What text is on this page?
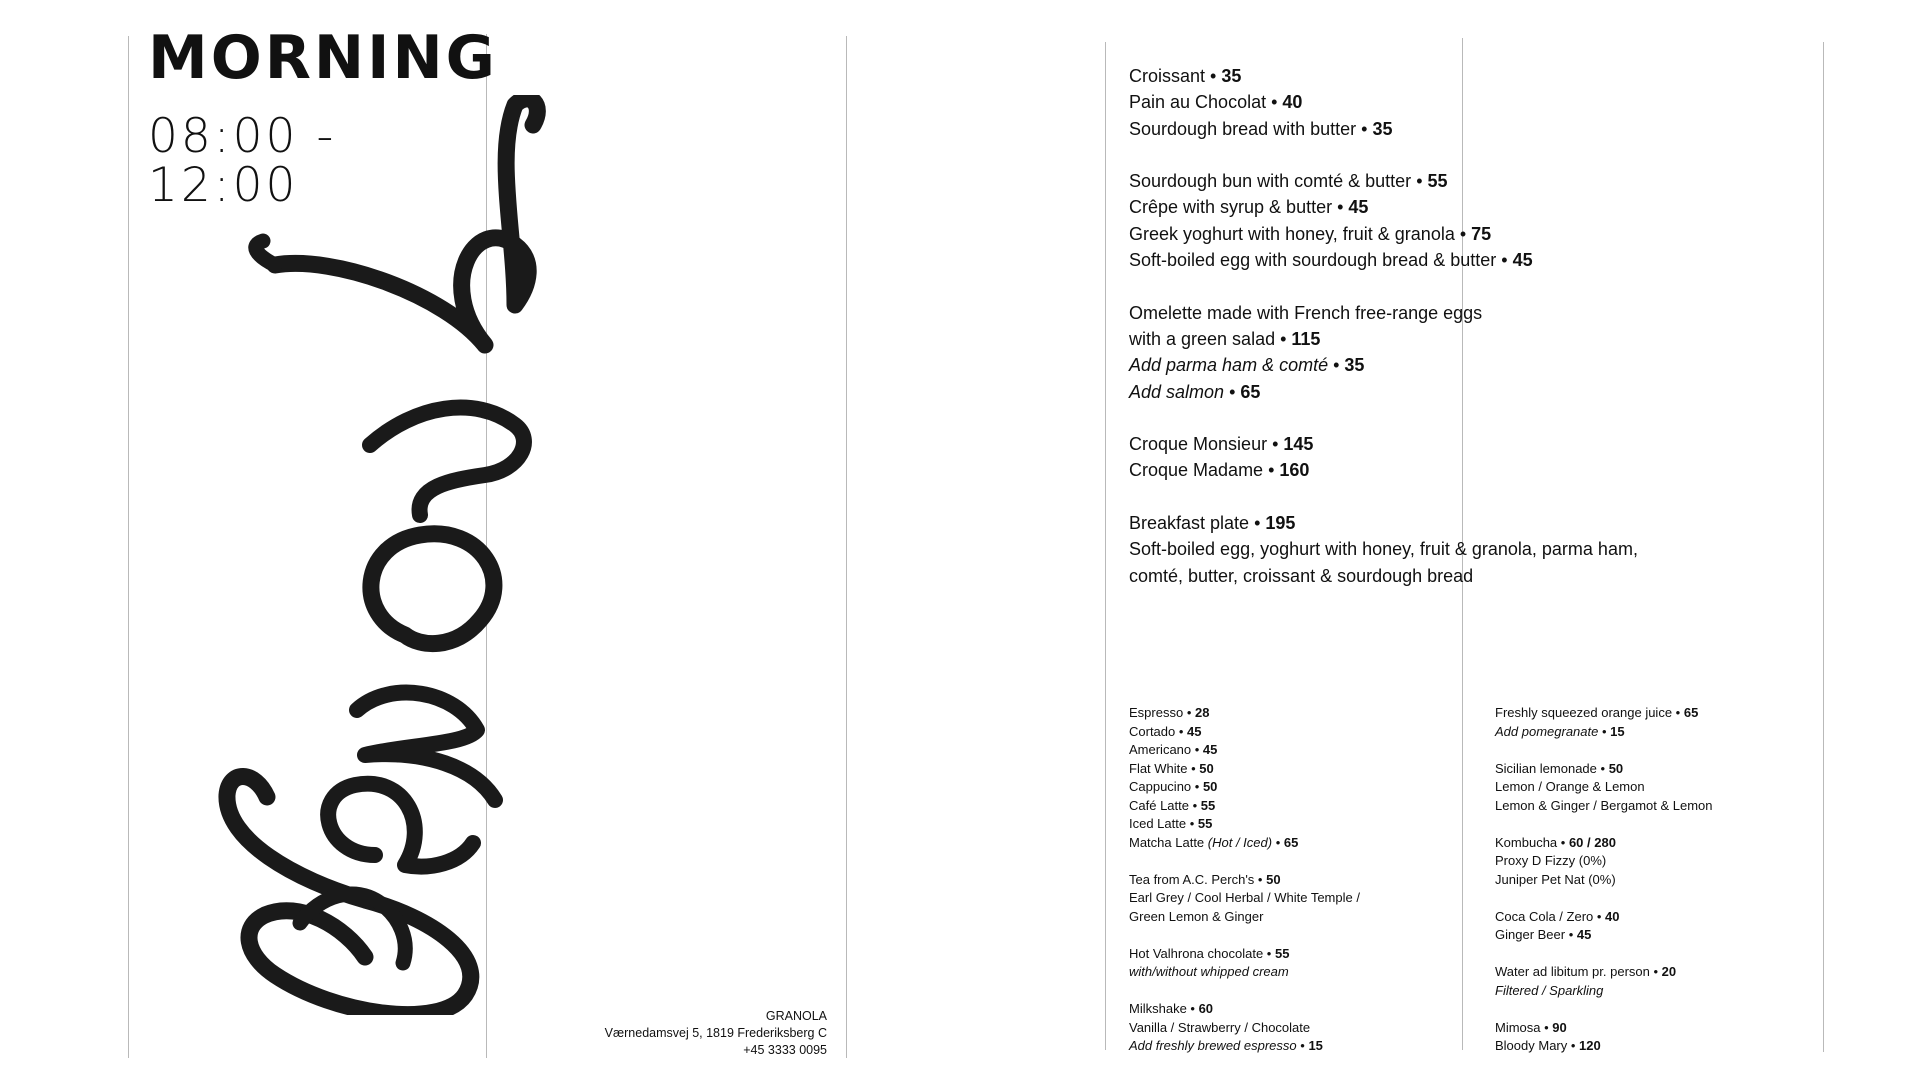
MORNING
08:00 -
12:00
GRANOLA
Værnedamsvej 5, 1819 Frederiksberg C
+45 3333 0095
Croissant • 35
Pain au Chocolat • 40
Sourdough bread with butter • 35
Sourdough bun with comté & butter • 55
Crêpe with syrup & butter • 45
Greek yoghurt with honey, fruit & granola • 75
Soft-boiled egg with sourdough bread & butter • 45
Omelette made with French free-range eggs
with a green salad • 115
Add parma ham & comté • 35
Add salmon • 65
Croque Monsieur • 145
Croque Madame • 160
Breakfast plate • 195
Soft-boiled egg, yoghurt with honey, fruit & granola, parma ham,
comté, butter, croissant & sourdough bread
Espresso • 28
Cortado • 45
Americano • 45
Flat White • 50
Cappucino • 50
Café Latte • 55
Iced Latte • 55
Matcha Latte (Hot / Iced) • 65
Tea from A.C. Perch's • 50
Earl Grey / Cool Herbal / White Temple /
Green Lemon & Ginger
Hot Valhrona chocolate • 55
with/without whipped cream
Milkshake • 60
Vanilla / Strawberry / Chocolate
Add freshly brewed espresso • 15
Freshly squeezed orange juice • 65
Add pomegranate • 15
Sicilian lemonade • 50
Lemon / Orange & Lemon
Lemon & Ginger / Bergamot & Lemon
Kombucha • 60 / 280
Proxy D Fizzy (0%)
Juniper Pet Nat (0%)
Coca Cola / Zero • 40
Ginger Beer • 45
Water ad libitum pr. person • 20
Filtered / Sparkling
Mimosa • 90
Bloody Mary • 120
